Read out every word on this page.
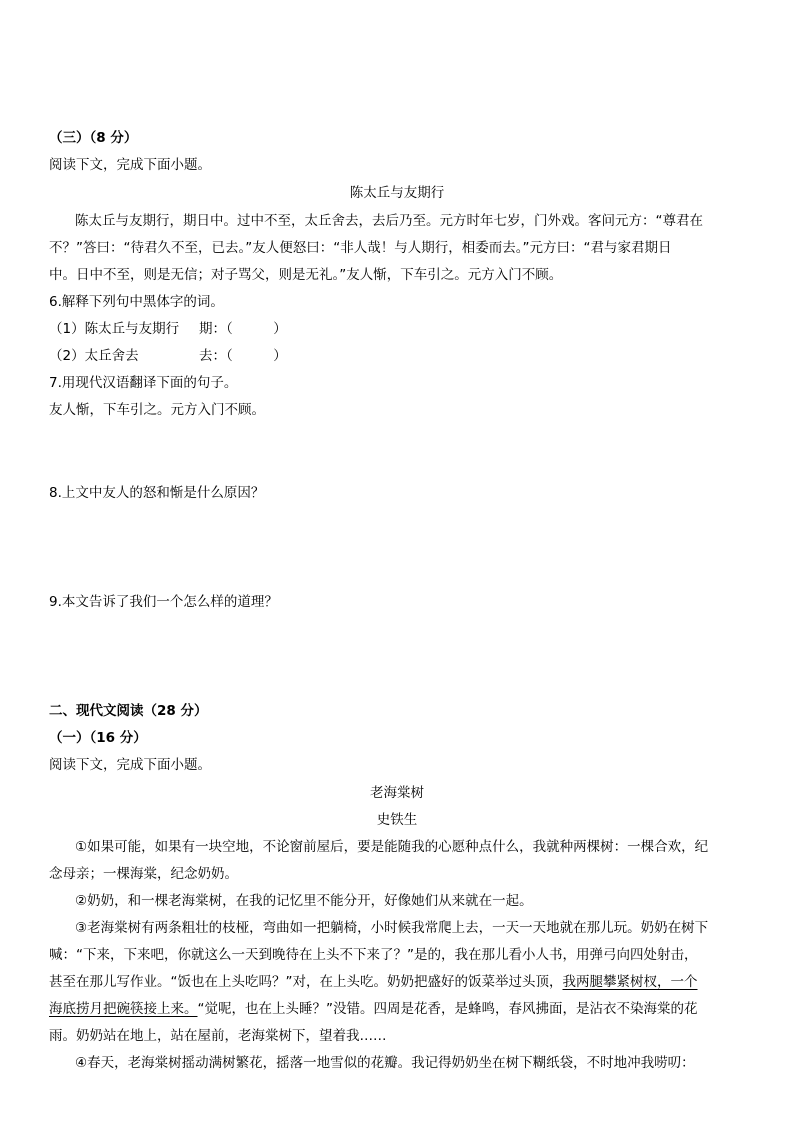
（三）（8 分）
阅读下文，完成下面小题。
陈太丘与友期行
陈太丘与友期行，期日中。过中不至，太丘舍去，去后乃至。元方时年七岁，门外戏。客问元方：“尊君在
不？”答曰：“待君久不至，已去。”友人便怒曰：“非人哉！与人期行，相委而去。”元方曰：“君与家君期日
中。日中不至，则是无信；对子骂父，则是无礼。”友人惭，下车引之。元方入门不顾。
6.解释下列句中黑体字的词。
（1）陈太丘与友期行 期：（　　　）
（2）太丘舍去	去：（　　　）
7.用现代汉语翻译下面的句子。
友人惭，下车引之。元方入门不顾。
8.上文中友人的怒和惭是什么原因？
9.本文告诉了我们一个怎么样的道理？
二、现代文阅读（28 分）
（一）（16 分）
阅读下文，完成下面小题。
老海棠树
史铁生
①如果可能，如果有一块空地，不论窗前屋后，要是能随我的心愿种点什么，我就种两棵树：一棵合欢，纪
念母亲；一棵海棠，纪念奶奶。
②奶奶，和一棵老海棠树，在我的记忆里不能分开，好像她们从来就在一起。
③老海棠树有两条粗壮的枝桠，弯曲如一把躺椅，小时候我常爬上去，一天一天地就在那儿玩。奶奶在树下
喊：“下来，下来吧，你就这么一天到晚待在上头不下来了？”是的，我在那儿看小人书，用弹弓向四处射击，
甚至在那儿写作业。“饭也在上头吃吗？”对，在上头吃。奶奶把盛好的饭菜举过头顶，我两腿攀紧树杈，一个
海底捞月把碗筷接上来。“觉呢，也在上头睡？”没错。四周是花香，是蜂鸣，春风拂面，是沾衣不染海棠的花
雨。奶奶站在地上，站在屋前，老海棠树下，望着我……
④春天，老海棠树摇动满树繁花，摇落一地雪似的花瓣。我记得奶奶坐在树下糊纸袋，不时地冲我唠叨：
